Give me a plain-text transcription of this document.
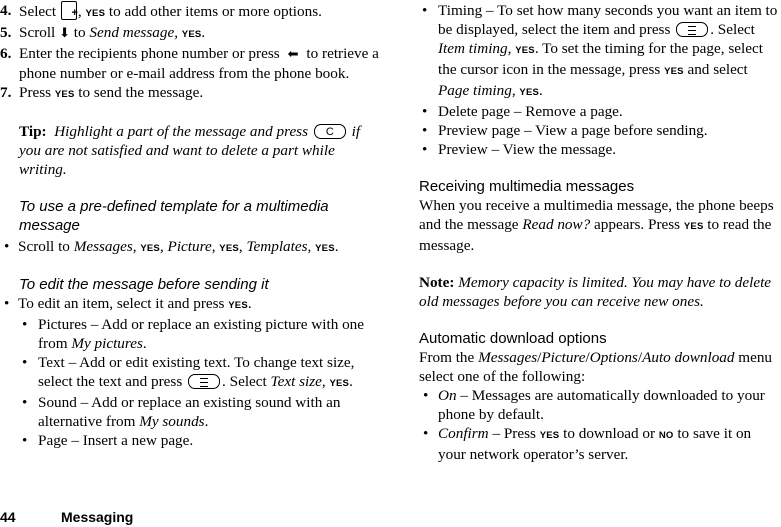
4. Select + , YES to add other items or more options.

5. Scroll ⬇ to Send message, YES.

6. Enter the recipients phone number or press  ⬅  to retrieve a phone number or e-mail address from the phone book.

7. Press YES to send the message.

Tip: Highlight a part of the message and press	C	if you are not satisfied and want to delete a part while writing.

To use a pre-defined template for a multimedia message

• Scroll to Messages, YES, Picture, YES, Templates, YES.

To edit the message before sending it

• To edit an item, select it and press YES.

• Pictures – Add or replace an existing picture with one from My pictures.

• Text – Add or edit existing text. To change text size, select the text and press	. Select Text size, YES.

• Sound – Add or replace an existing sound with an alternative from My sounds.

• Page – Insert a new page.

• Timing – To set how many seconds you want an item to be displayed, select the item and press	. Select Item timing, YES. To set the timing for the page, select the cursor icon in the message, press YES and select Page timing, YES.

• Delete page – Remove a page.

• Preview page – View a page before sending.

• Preview – View the message.

Receiving multimedia messages

When you receive a multimedia message, the phone beeps and the message Read now? appears. Press YES to read the message.

Note: Memory capacity is limited. You may have to delete old messages before you can receive new ones.

Automatic download options

From the Messages/Picture/Options/Auto download menu select one of the following:

• On – Messages are automatically downloaded to your phone by default.

• Confirm – Press YES to download or NO to save it on your network operator’s server.

44	Messaging
